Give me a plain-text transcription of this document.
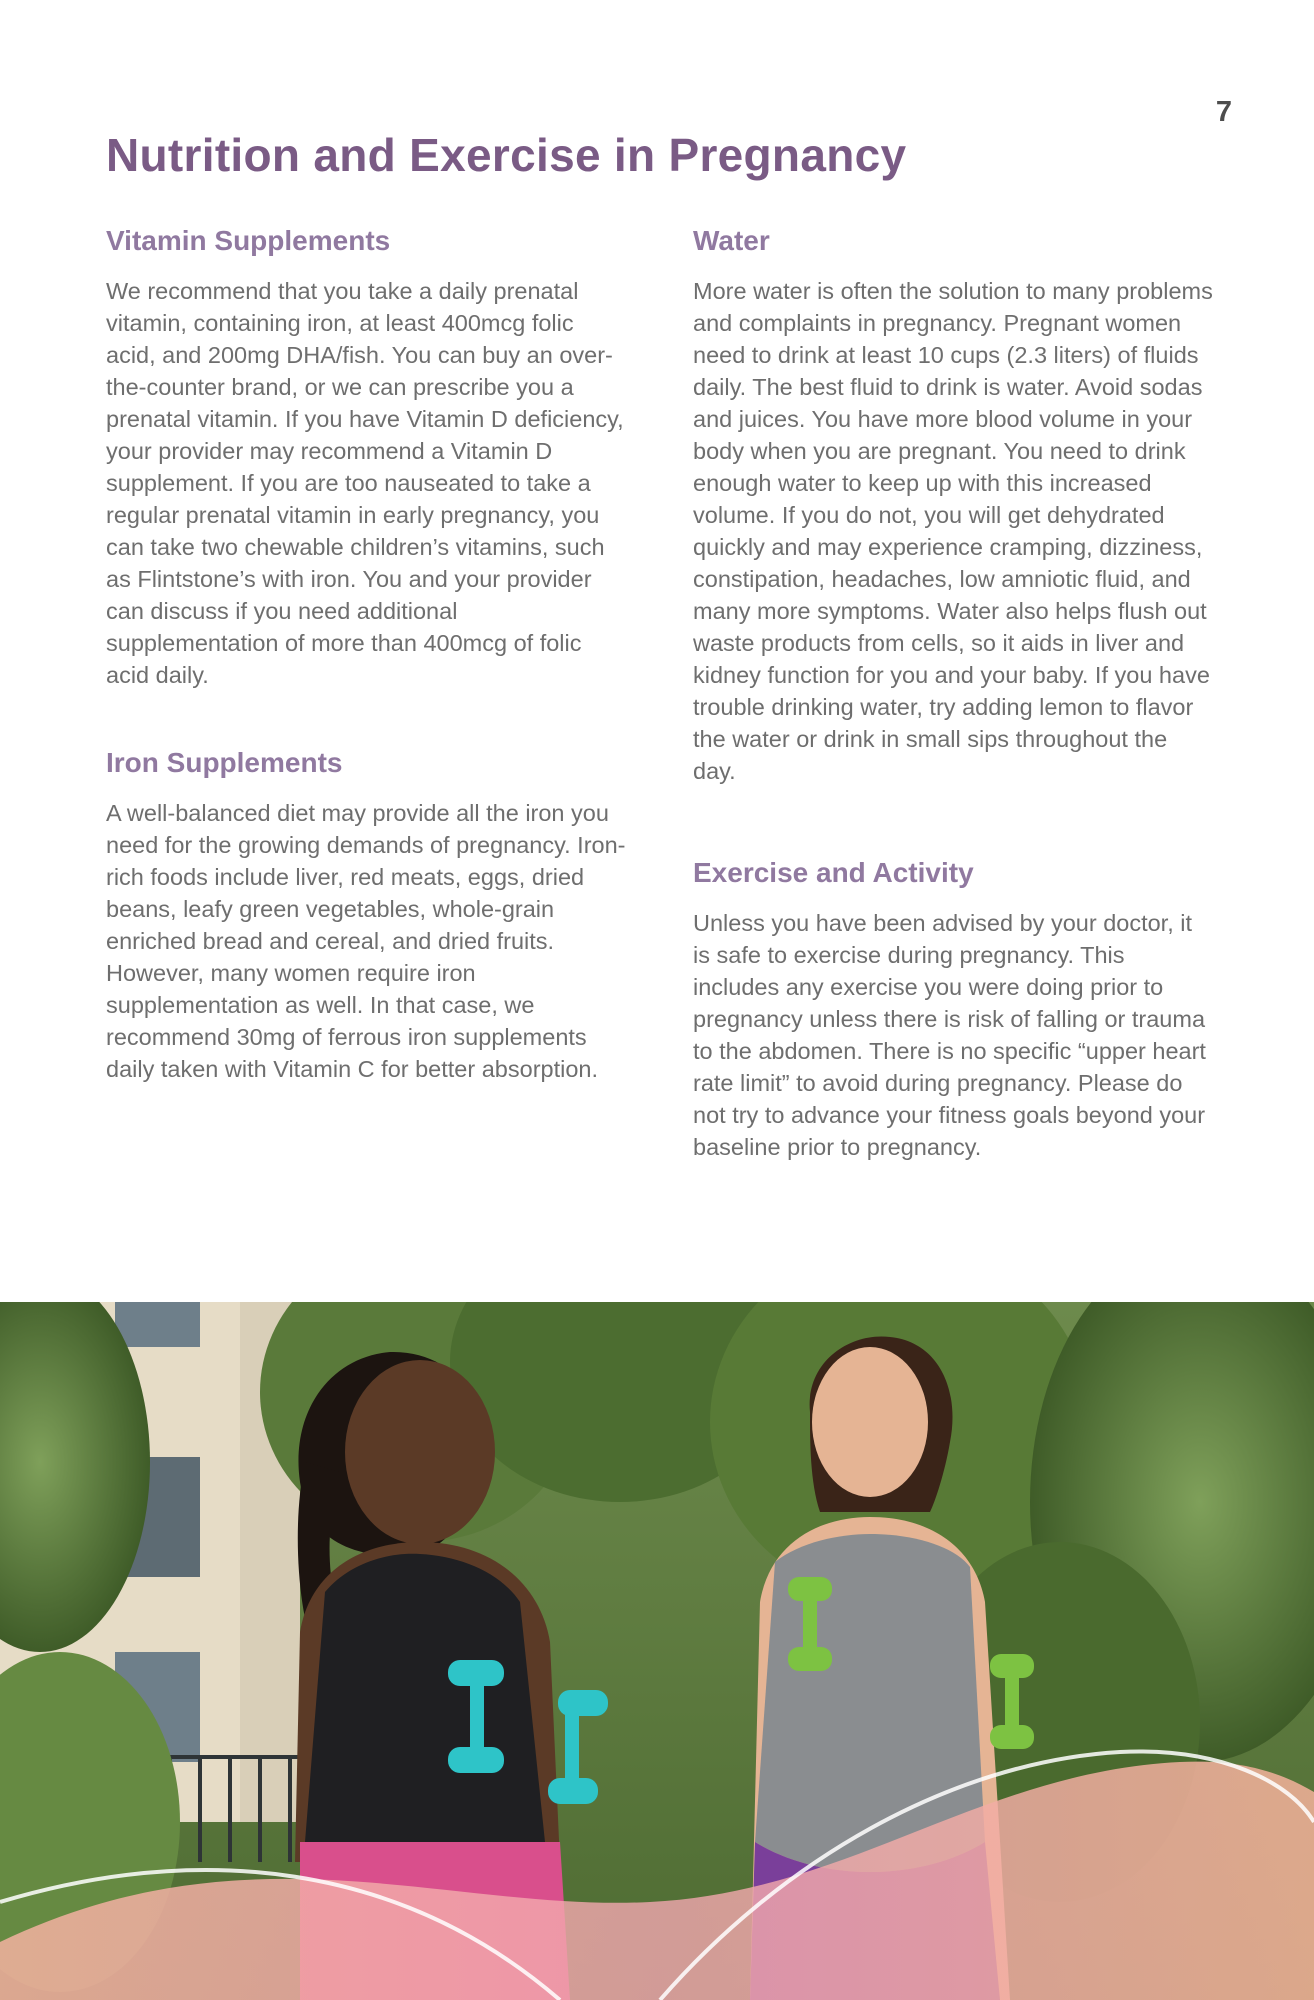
7
Nutrition and Exercise in Pregnancy
Vitamin Supplements

We recommend that you take a daily prenatal vitamin, containing iron, at least 400mcg folic acid, and 200mg DHA/fish. You can buy an over-the-counter brand, or we can prescribe you a prenatal vitamin. If you have Vitamin D deficiency, your provider may recommend a Vitamin D supplement. If you are too nauseated to take a regular prenatal vitamin in early pregnancy, you can take two chewable children’s vitamins, such as Flintstone’s with iron. You and your provider can discuss if you need additional supplementation of more than 400mcg of folic acid daily.

Iron Supplements

A well-balanced diet may provide all the iron you need for the growing demands of pregnancy. Iron-rich foods include liver, red meats, eggs, dried beans, leafy green vegetables, whole-grain enriched bread and cereal, and dried fruits. However, many women require iron supplementation as well. In that case, we recommend 30mg of ferrous iron supplements daily taken with Vitamin C for better absorption.

Water

More water is often the solution to many problems and complaints in pregnancy. Pregnant women need to drink at least 10 cups (2.3 liters) of fluids daily. The best fluid to drink is water. Avoid sodas and juices. You have more blood volume in your body when you are pregnant. You need to drink enough water to keep up with this increased volume. If you do not, you will get dehydrated quickly and may experience cramping, dizziness, constipation, headaches, low amniotic fluid, and many more symptoms. Water also helps flush out waste products from cells, so it aids in liver and kidney function for you and your baby. If you have trouble drinking water, try adding lemon to flavor the water or drink in small sips throughout the day.

Exercise and Activity

Unless you have been advised by your doctor, it is safe to exercise during pregnancy. This includes any exercise you were doing prior to pregnancy unless there is risk of falling or trauma to the abdomen. There is no specific “upper heart rate limit” to avoid during pregnancy. Please do not try to advance your fitness goals beyond your baseline prior to pregnancy.
